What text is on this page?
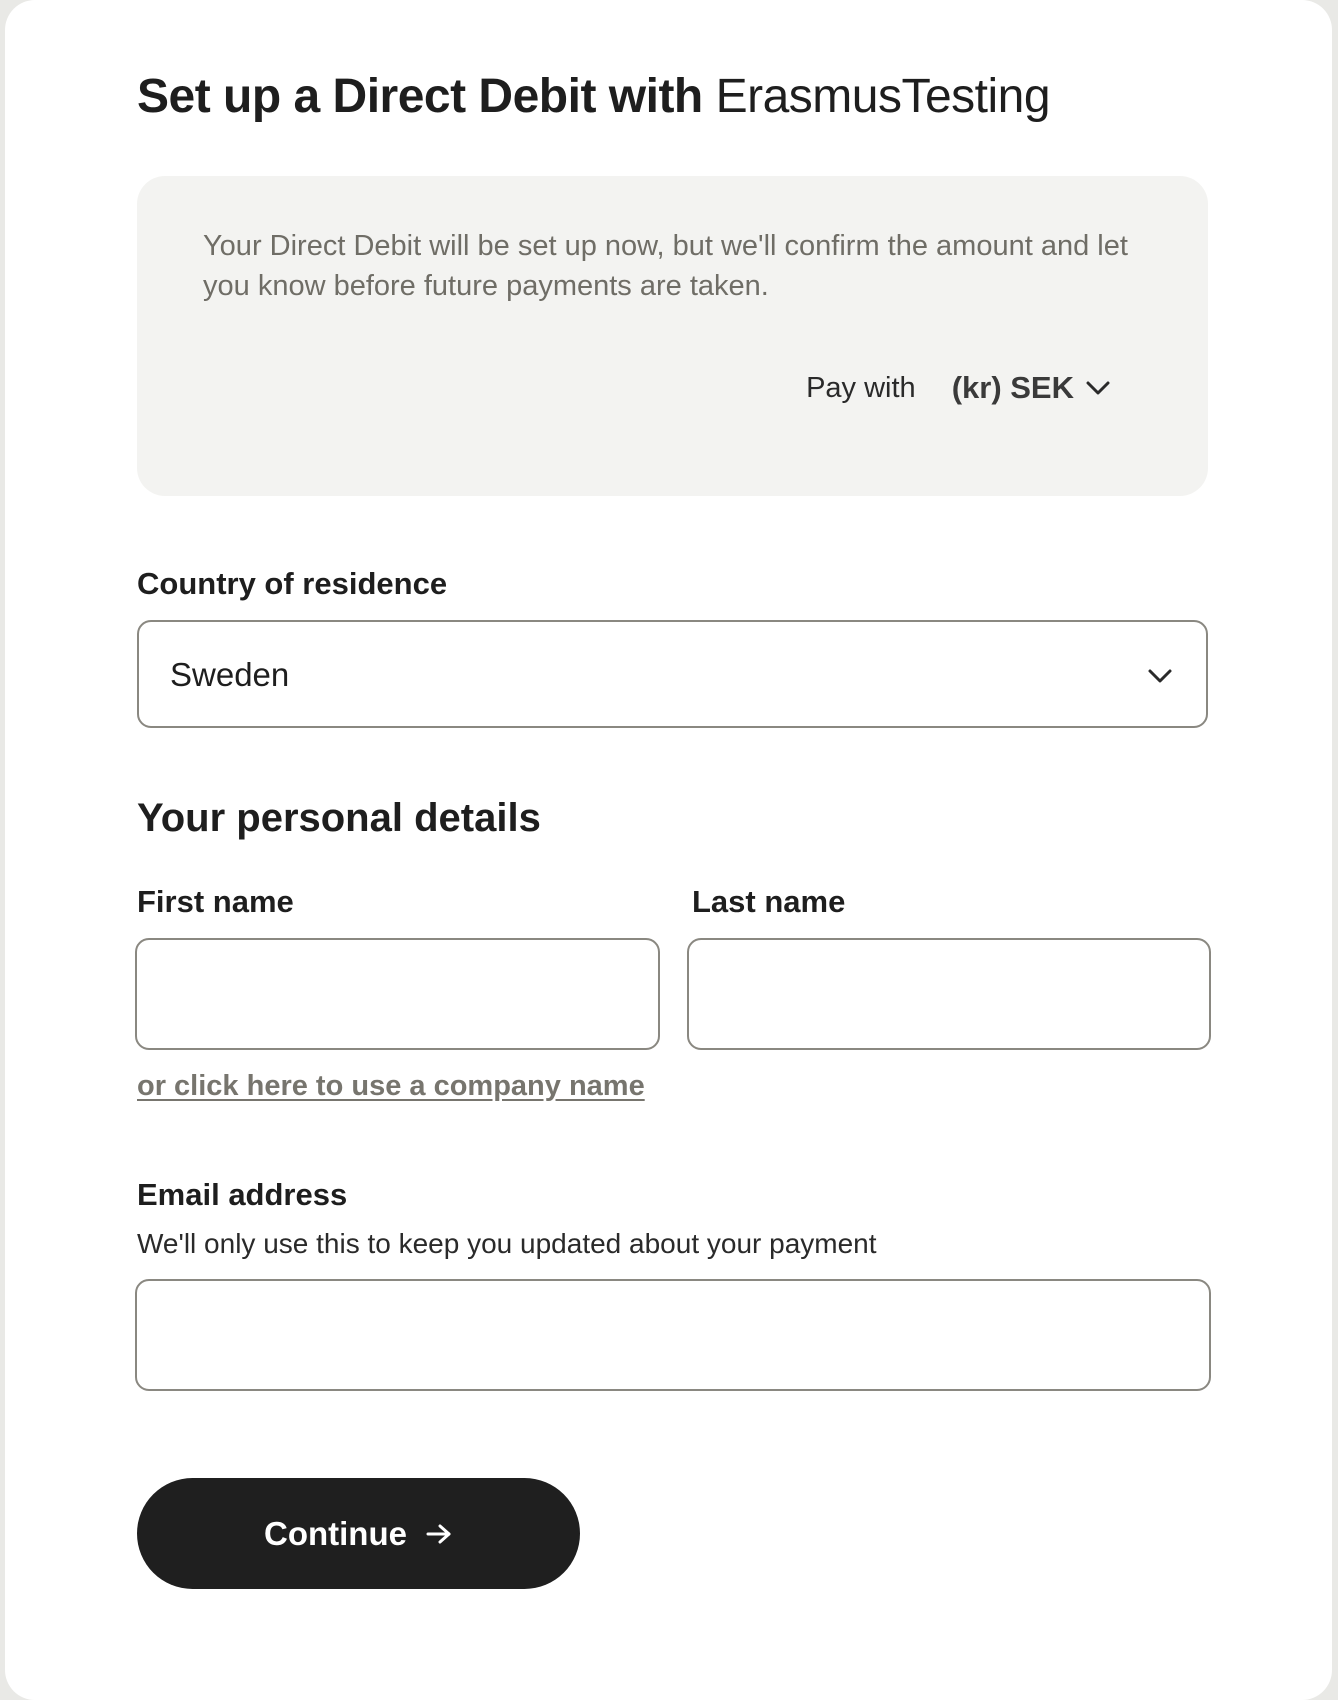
Set up a Direct Debit with ErasmusTesting

Your Direct Debit will be set up now, but we'll confirm the amount and let you know before future payments are taken.

Pay with (kr) SEK
Country of residence
Sweden
Your personal details
First name	Last name
or click here to use a company name
Email address

We'll only use this to keep you updated about your payment

Continue
